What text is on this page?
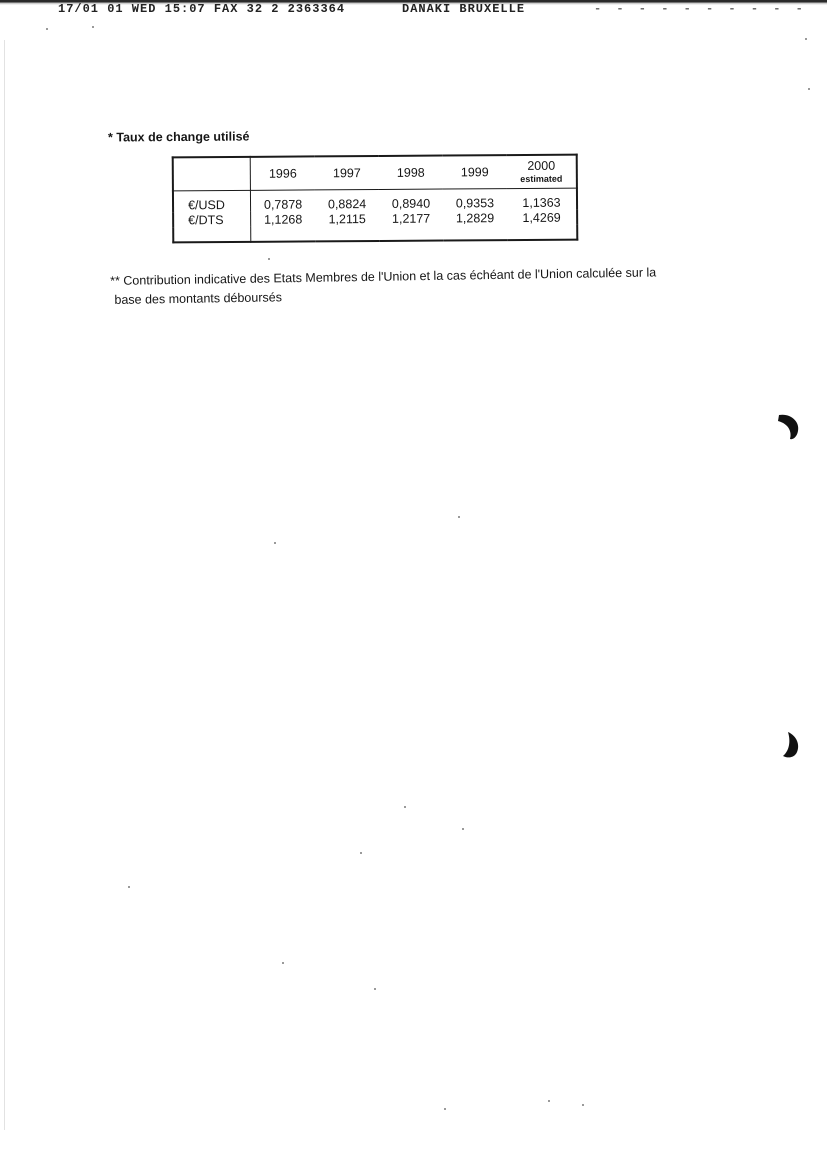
17/01 01 WED 15:07 FAX 32 2 2363364	DANAKI BRUXELLE	- - - - - - - - - -
* Taux de change utilisé
	1996	1997	1998	1999	2000
estimated

€/USD	0,7878	0,8824	0,8940	0,9353	1,1363
€/DTS	1,1268	1,2115	1,2177	1,2829	1,4269

** Contribution indicative des Etats Membres de l'Union et la cas échéant de l'Union calculée sur la
base des montants déboursés
